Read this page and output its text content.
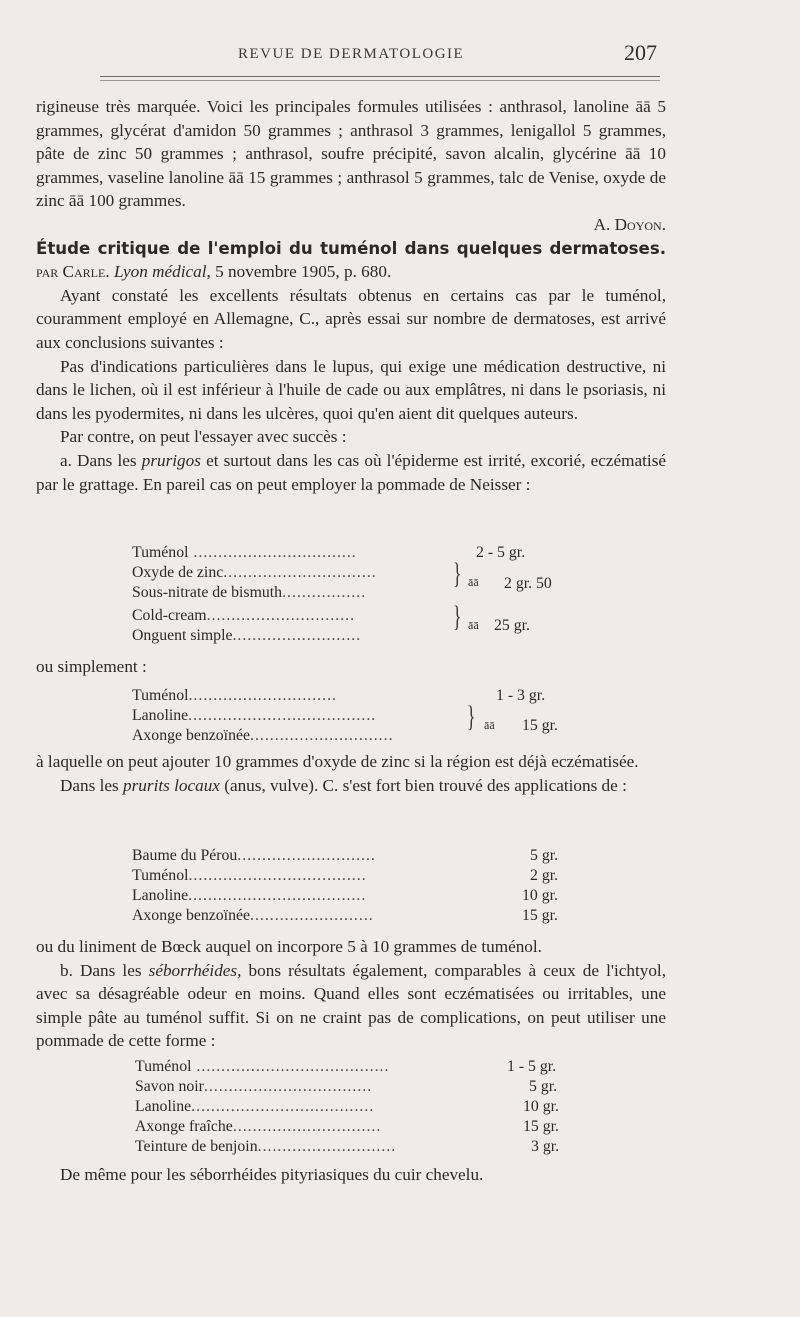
REVUE DE DERMATOLOGIE	207

rigineuse très marquée. Voici les principales formules utilisées : anthrasol, lanoline āā 5 grammes, glycérat d'amidon 50 grammes ; anthrasol 3 grammes, lenigallol 5 grammes, pâte de zinc 50 grammes ; anthrasol, soufre précipité, savon alcalin, glycérine āā 10 grammes, vaseline lanoline āā 15 grammes ; anthrasol 5 grammes, talc de Venise, oxyde de zinc āā 100 grammes.

A. Doyon.

Étude critique de l'emploi du tuménol dans quelques dermatoses. par Carle. Lyon médical, 5 novembre 1905, p. 680.

Ayant constaté les excellents résultats obtenus en certains cas par le tuménol, couramment employé en Allemagne, C., après essai sur nombre de dermatoses, est arrivé aux conclusions suivantes :

Pas d'indications particulières dans le lupus, qui exige une médication destructive, ni dans le lichen, où il est inférieur à l'huile de cade ou aux emplâtres, ni dans le psoriasis, ni dans les pyodermites, ni dans les ulcères, quoi qu'en aient dit quelques auteurs.

Par contre, on peut l'essayer avec succès :

a. Dans les prurigos et surtout dans les cas où l'épiderme est irrité, excorié, eczématisé par le grattage. En pareil cas on peut employer la pommade de Neisser :

Tuménol .................................	2 - 5 gr.
Oxyde de zinc...............................
Sous-nitrate de bismuth.................
} āā 2 gr. 50
Cold-cream..............................
Onguent simple..........................
} āā 25 gr.

ou simplement :

Tuménol..............................	1 - 3 gr.
Lanoline......................................
Axonge benzoïnée.............................
} āā 15 gr.

à laquelle on peut ajouter 10 grammes d'oxyde de zinc si la région est déjà eczématisée.

Dans les prurits locaux (anus, vulve). C. s'est fort bien trouvé des applications de :

Baume du Pérou............................	5 gr.
Tuménol....................................	2 gr.
Lanoline....................................	10 gr.
Axonge benzoïnée.........................	15 gr.

ou du liniment de Bœck auquel on incorpore 5 à 10 grammes de tuménol.

b. Dans les séborrhéides, bons résultats également, comparables à ceux de l'ichtyol, avec sa désagréable odeur en moins. Quand elles sont eczématisées ou irritables, une simple pâte au tuménol suffit. Si on ne craint pas de complications, on peut utiliser une pommade de cette forme :

Tuménol .......................................	1 - 5 gr.
Savon noir..................................	5 gr.
Lanoline.....................................	10 gr.
Axonge fraîche..............................	15 gr.
Teinture de benjoin............................	3 gr.

De même pour les séborrhéides pityriasiques du cuir chevelu.
